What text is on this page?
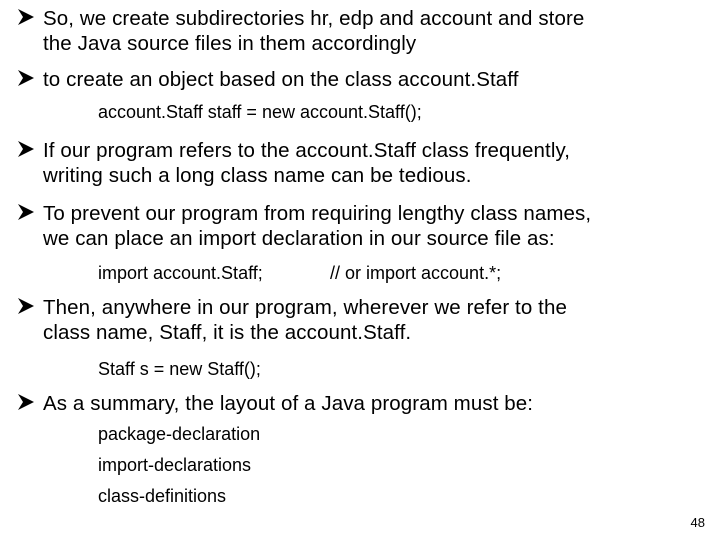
So, we create subdirectories hr, edp and account and store
the Java source files in them accordingly
to create an object based on the class account.Staff
account.Staff staff = new account.Staff();
If our program refers to the account.Staff class frequently,
writing such a long class name can be tedious.
To prevent our program from requiring lengthy class names,
we can place an import declaration in our source file as:
import account.Staff;	// or import account.*;
Then, anywhere in our program, wherever we refer to the
class name, Staff, it is the account.Staff.
Staff s = new Staff();
As a summary, the layout of a Java program must be:
package-declaration
import-declarations
class-definitions
48
